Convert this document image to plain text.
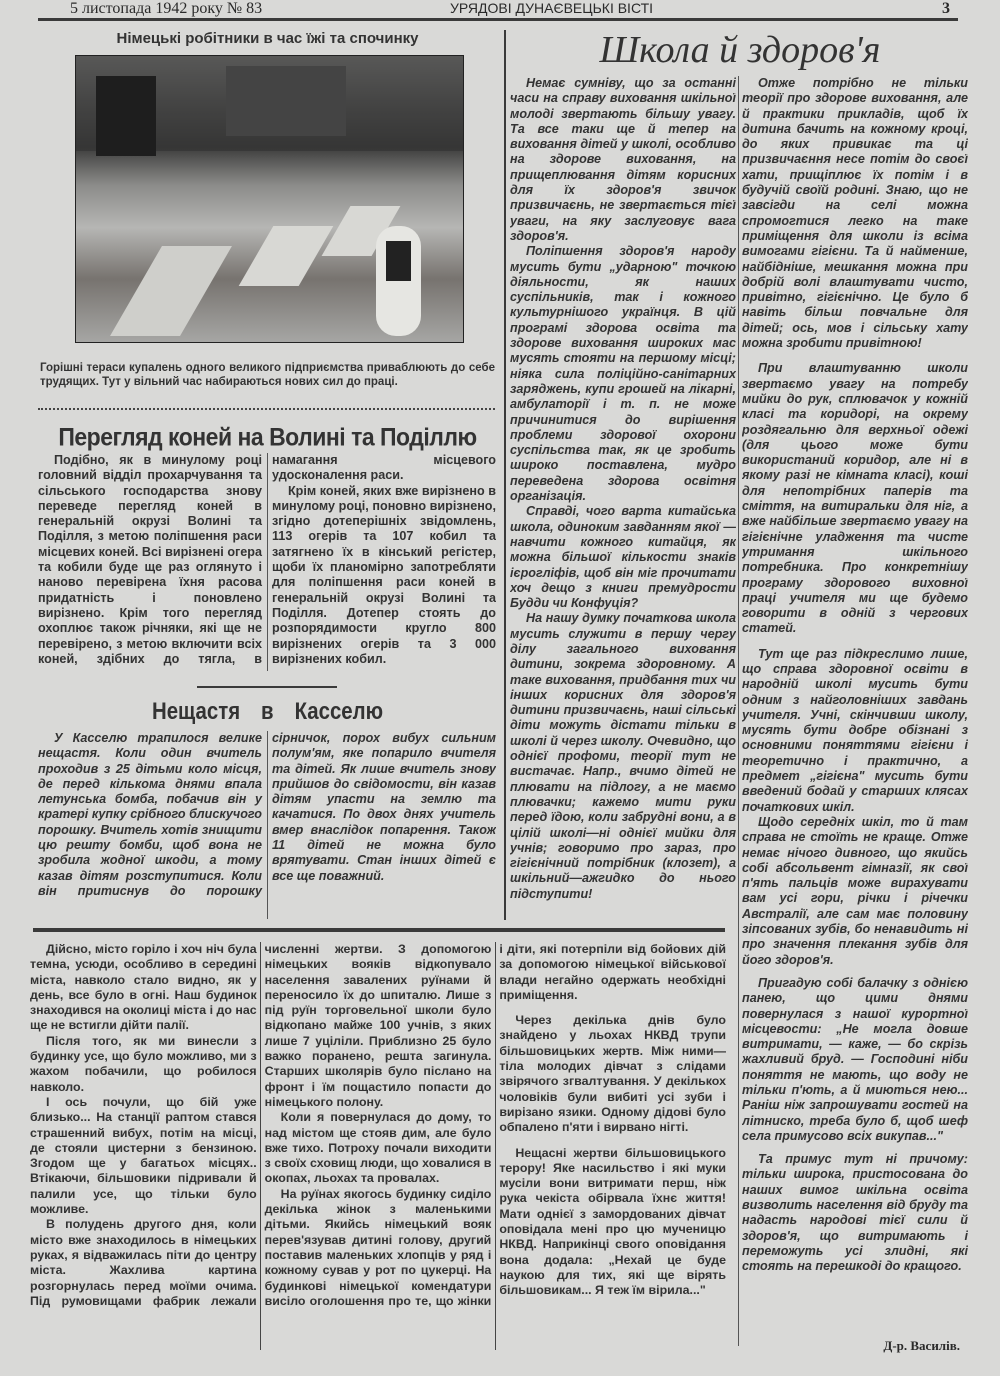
5 листопада 1942 року № 83	УРЯДОВІ ДУНАЄВЕЦЬКІ ВІСТІ	3
Німецькі робітники в час їжі та спочинку
Горішні тераси купалень одного великого підприємства приваблюють до себе трудящих. Тут у вільний час набираються нових сил до праці.
Перегляд коней на Волині та Поділлю

Подібно, як в минулому році головний відділ прохарчування та сільського господарства знову переведе перегляд коней в генеральній окрузі Волині та Поділля, з метою поліпшення раси місцевих коней. Всі вирізнені огера та кобили буде ще раз оглянуто і наново перевірена їхня расова придатність і поновлено вирізнено. Крім того перегляд охоплює також річняки, які ще не перевірено, з метою включити всіх коней, здібних до тягла, в намагання місцевого удосконалення раси.

Крім коней, яких вже вирізнено в минулому році, поновно вирізнено, згідно дотеперішніх звідомлень, 113 огерів та 107 кобил та затягнено їх в кінський регістер, щоби їх планомірно запотребляти для поліпшення раси коней в генеральній окрузі Волині та Поділля. Дотепер стоять до розпорядимости кругло 800 вирізнених огерів та 3 000 вирізнених кобил.

Нещастя в Касселю

У Касселю трапилося велике нещастя. Коли один вчитель проходив з 25 дітьми коло місця, де перед кількома днями впала летунська бомба, побачив він у кратері купку срібного блискучого порошку. Вчитель хотів знищити цю решту бомби, щоб вона не зробила жодної шкоди, а тому казав дітям розступитися. Коли він притиснув до порошку сірничок, порох вибух сильним полум'ям, яке попарило вчителя та дітей. Як лише вчитель знову прийшов до свідомости, він казав дітям упасти на землю та качатися. По двох днях учитель вмер внаслідок попарення. Також 11 дітей не можна було врятувати. Стан інших дітей є все ще поважний.

Школа й здоров'я

Немає сумніву, що за останні часи на справу виховання шкільної молоді звертають більшу увагу. Та все таки ще й тепер на виховання дітей у школі, особливо на здорове виховання, на прищеплювання дітям корисних для їх здоров'я звичок призвичаєнь, не звертається тієї уваги, на яку заслуговує вага здоров'я.

Поліпшення здоров'я народу мусить бути „ударною" точкою діяльности, як наших суспільників, так і кожного культурнішого українця. В цій програмі здорова освіта та здорове виховання широких мас мусять стояти на першому місці; ніяка сила поліційно-санітарних заряджень, купи грошей на лікарні, амбулаторії і т. п. не може причинитися до вирішення проблеми здорової охорони суспільства так, як це зробить широко поставлена, мудро переведена здорова освітня організація.

Справді, чого варта китайська школа, одиноким завданням якої — навчити кожного китайця, як можна більшої кількости знаків ієрогліфів, щоб він міг прочитати хоч дещо з книги премудрости Будди чи Конфуція?

На нашу думку початкова школа мусить служити в першу чергу ділу загального виховання дитини, зокрема здоровному. А таке виховання, придбання тих чи інших корисних для здоров'я дитини призвичаєнь, наші сільські діти можуть дістати тільки в школі й через школу. Очевидно, що однієї профоми, теорії тут не вистачає. Напр., вчимо дітей не плювати на підлогу, а не маємо плювачки; кажемо мити руки перед їдою, коли забрудні вони, а в цілій школі—ні однієї мийки для учнів; говоримо про зараз, про гігієнічний потрібник (клозет), а шкільний—ажгидко до нього підступити!

Отже потрібно не тільки теорії про здорове виховання, але й практики прикладів, щоб їх дитина бачить на кожному кроці, до яких привикає та ці призвичаєння несе потім до своєї хати, прищіплює їх потім і в будучій своїй родині. Знаю, що не завсігди на селі можна спромогтися легко на таке приміщення для школи із всіма вимогами гігієни. Та й найменше, найбідніше, мешкання можна при добрій волі влаштувати чисто, привітно, гігієнічно. Це було б навіть більш повчальне для дітей; ось, мов і сільську хату можна зробити привітною!

При влаштуванню школи звертаємо увагу на потребу мийки до рук, сплювачок у кожній класі та коридорі, на окрему роздягальню для верхньої одежі (для цього може бути використаний коридор, але ні в якому разі не кімната класі), коші для непотрібних паперів та сміття, на витиральки для ніг, а вже найбільше звертаємо увагу на гігієнічне уладження та чисте утримання шкільного потребника. Про конкретнішу програму здорового виховної праці учителя ми ще будемо говорити в одній з чергових статей.

Тут ще раз підкреслимо лише, що справа здоровної освіти в народній школі мусить бути одним з найголовніших завдань учителя. Учні, скінчивши школу, мусять бути добре обізнані з основними поняттями гігієни і теоретично і практично, а предмет „гігієна" мусить бути введений бодай у старших клясах початкових шкіл.

Щодо середніх шкіл, то й там справа не стоїть не краще. Отже немає нічого дивного, що якийсь собі абсольвент гімназії, як свої п'ять пальців може вирахувати вам усі гори, річки і річечки Австралії, але сам має половину зіпсованих зубів, бо ненавидить ні про значення плекання зубів для його здоров'я.

Пригадую собі балачку з однією панею, що цими днями повернулася з нашої курортної місцевости: „Не могла довше витримати, — каже, — бо скрізь жахливий бруд. — Господині ніби поняття не мають, що воду не тільки п'ють, а й миються нею... Раніш ніж запрошувати гостей на літниско, треба було б, щоб шеф села примусово всіх викупав..."

Та примус тут ні причому: тільки широка, пристосована до наших вимог шкільна освіта визволить населення від бруду та надасть народові тієї сили й здоров'я, що витримають і переможуть усі злидні, які стоять на перешкоді до кращого.

Д-р. Василів.

Дійсно, місто горіло і хоч ніч була темна, усюди, особливо в середині міста, навколо стало видно, як у день, все було в огні. Наш будинок знаходився на околиці міста і до нас ще не встигли дійти палії.

Після того, як ми винесли з будинку усе, що було можливо, ми з жахом побачили, що робилося навколо.

І ось почули, що бій уже близько... На станції раптом стався страшенний вибух, потім на місці, де стояли цистерни з бензиною. Згодом ще у багатьох місцях.. Втікаючи, більшовики підривали й палили усе, що тільки було можливе.

В полудень другого дня, коли місто вже знаходилось в німецьких руках, я відважилась піти до центру міста. Жахлива картина розгорнулась перед моїми очима. Під румовищами фабрик лежали численні жертви. З допомогою німецьких вояків відкопувало населення завалених руїнами й переносило їх до шпиталю. Лише з під руїн торговельної школи було відкопано майже 100 учнів, з яких лише 7 уціліли. Приблизно 25 було важко поранено, решта загинула. Старших школярів було післано на фронт і їм пощастило попасти до німецького полону.

Коли я повернулася до дому, то над містом ще стояв дим, але було вже тихо. Потроху почали виходити з своїх сховищ люди, що ховалися в окопах, льохах та провалах.

На руїнах якогось будинку сиділо декілька жінок з маленькими дітьми. Якийсь німецький вояк перев'язував дитині голову, другий поставив маленьких хлопців у ряд і кожному сував у рот по цукерці. На будинкові німецької комендатури висіло оголошення про те, що жінки і діти, які потерпіли від бойових дій за допомогою німецької військової влади негайно одержать необхідні приміщення.

Через декілька днів було знайдено у льохах НКВД трупи більшовицьких жертв. Між ними—тіла молодих дівчат з слідами звірячого згвалтування. У декількох чоловіків були вибиті усі зуби і вирізано язики. Одному дідові було обпалено п'яти і вирвано нігті.

Нещасні жертви більшовицького терору! Яке насильство і які муки мусіли вони витримати перш, ніж рука чекіста обірвала їхнє життя! Мати однієї з замордованих дівчат оповідала мені про цю мученицю НКВД. Наприкінці свого оповідання вона додала: „Нехай це буде наукою для тих, які ще вірять більшовикам... Я теж їм вірила..."
